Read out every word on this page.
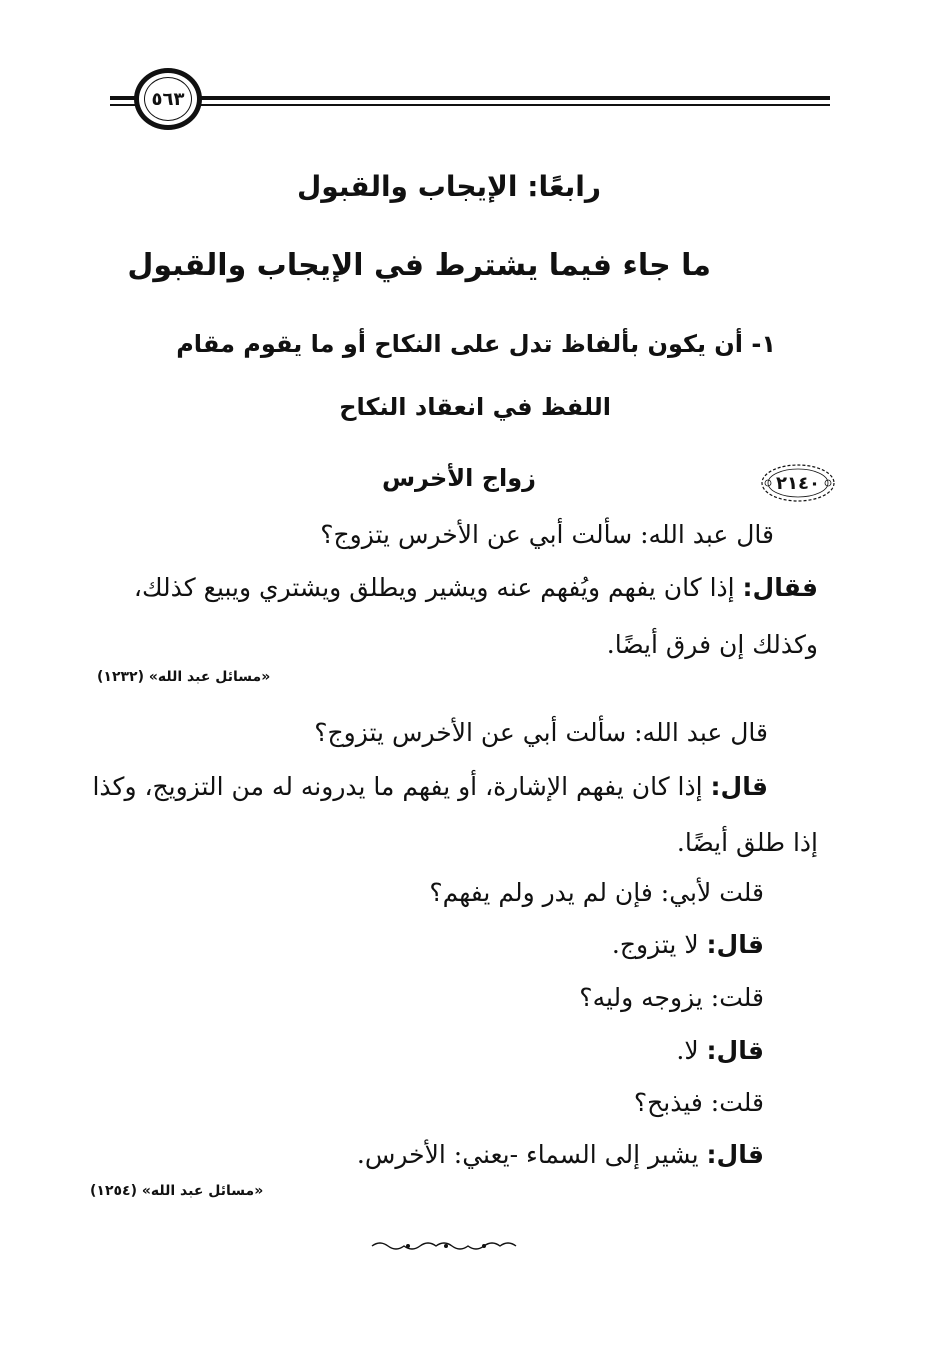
٥٦٣
رابعًا: الإيجاب والقبول
ما جاء فيما يشترط في الإيجاب والقبول
١- أن يكون بألفاظ تدل على النكاح أو ما يقوم مقام
اللفظ في انعقاد النكاح
٢١٤٠
زواج الأخرس
قال عبد الله: سألت أبي عن الأخرس يتزوج؟
فقال: إذا كان يفهم ويُفهم عنه ويشير ويطلق ويشتري ويبيع كذلك،
وكذلك إن فرق أيضًا.
«مسائل عبد الله» (١٢٣٢)
قال عبد الله: سألت أبي عن الأخرس يتزوج؟
قال: إذا كان يفهم الإشارة، أو يفهم ما يدرونه له من التزويج، وكذا
إذا طلق أيضًا.
قلت لأبي: فإن لم يدر ولم يفهم؟
قال: لا يتزوج.
قلت: يزوجه وليه؟
قال: لا.
قلت: فيذبح؟
قال: يشير إلى السماء -يعني: الأخرس.
«مسائل عبد الله» (١٢٥٤)
